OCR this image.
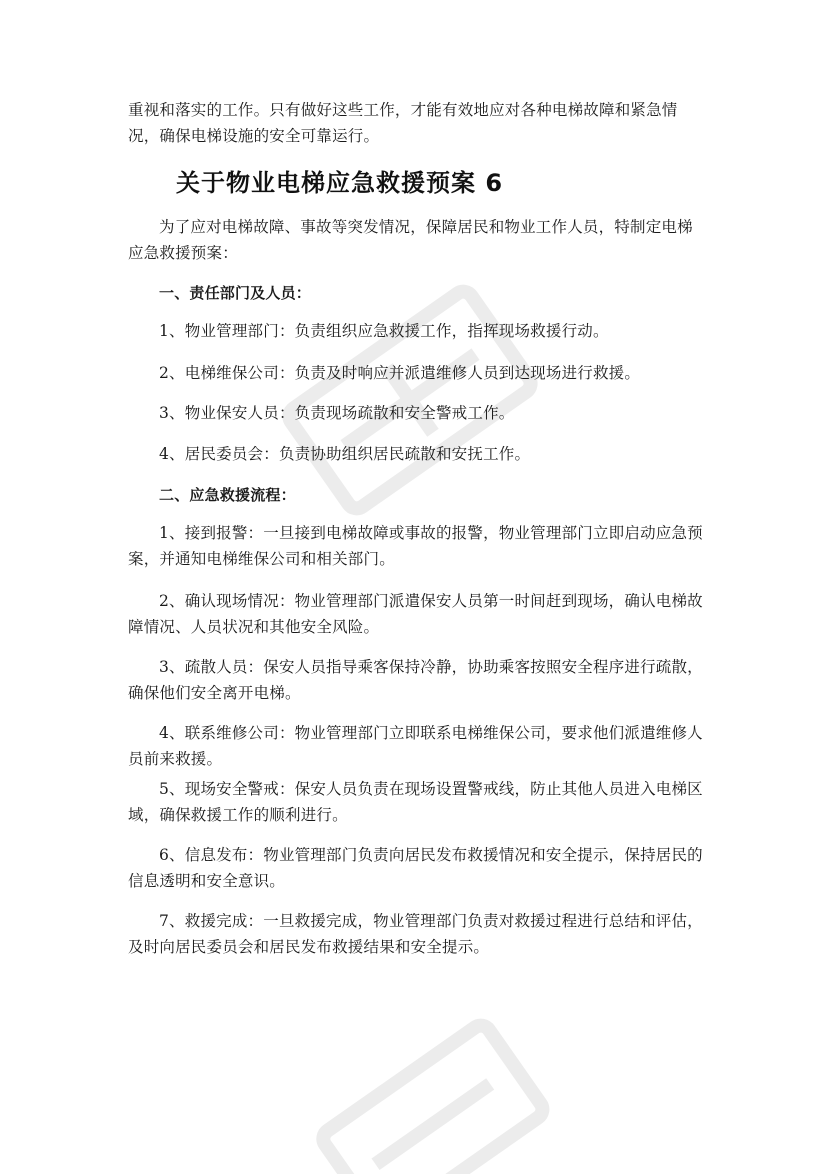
重视和落实的工作。只有做好这些工作，才能有效地应对各种电梯故障和紧急情况，确保电梯设施的安全可靠运行。

关于物业电梯应急救援预案 6

为了应对电梯故障、事故等突发情况，保障居民和物业工作人员，特制定电梯应急救援预案：

一、责任部门及人员：

1、物业管理部门：负责组织应急救援工作，指挥现场救援行动。

2、电梯维保公司：负责及时响应并派遣维修人员到达现场进行救援。

3、物业保安人员：负责现场疏散和安全警戒工作。

4、居民委员会：负责协助组织居民疏散和安抚工作。

二、应急救援流程：

1、接到报警：一旦接到电梯故障或事故的报警，物业管理部门立即启动应急预案，并通知电梯维保公司和相关部门。

2、确认现场情况：物业管理部门派遣保安人员第一时间赶到现场，确认电梯故障情况、人员状况和其他安全风险。

3、疏散人员：保安人员指导乘客保持冷静，协助乘客按照安全程序进行疏散，确保他们安全离开电梯。

4、联系维修公司：物业管理部门立即联系电梯维保公司，要求他们派遣维修人员前来救援。

5、现场安全警戒：保安人员负责在现场设置警戒线，防止其他人员进入电梯区域，确保救援工作的顺利进行。

6、信息发布：物业管理部门负责向居民发布救援情况和安全提示，保持居民的信息透明和安全意识。

7、救援完成：一旦救援完成，物业管理部门负责对救援过程进行总结和评估，及时向居民委员会和居民发布救援结果和安全提示。
